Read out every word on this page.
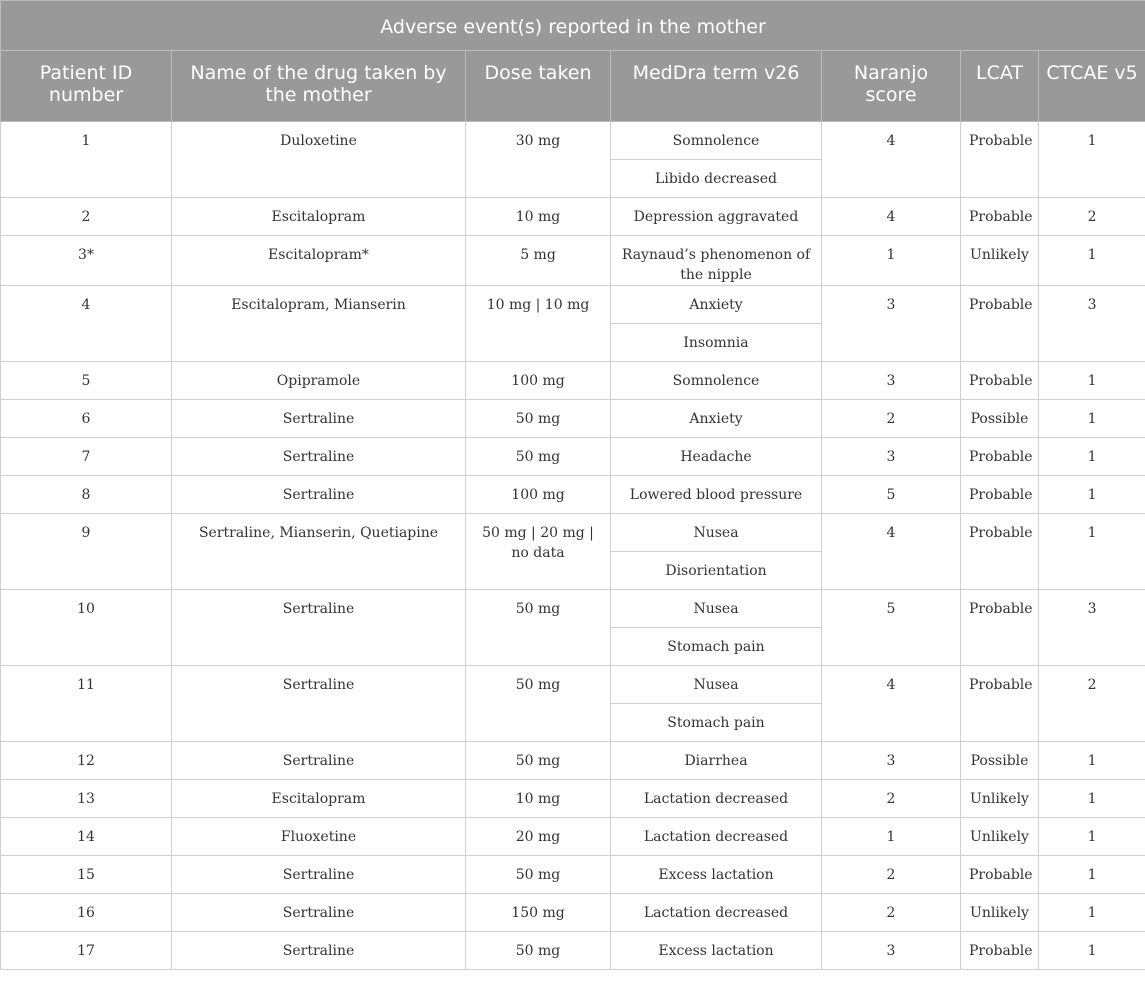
Adverse event(s) reported in the mother						
Patient ID number	Name of the drug taken by the mother	Dose taken	MedDra term v26	Naranjo score	LCAT	CTCAE v5
1	Duloxetine	30 mg	Somnolence	4	Probable	1
			Libido decreased			
2	Escitalopram	10 mg	Depression aggravated	4	Probable	2
3*	Escitalopram*	5 mg	Raynaud’s phenomenon of the nipple	1	Unlikely	1
4	Escitalopram, Mianserin	10 mg | 10 mg	Anxiety	3	Probable	3
			Insomnia			
5	Opipramole	100 mg	Somnolence	3	Probable	1
6	Sertraline	50 mg	Anxiety	2	Possible	1
7	Sertraline	50 mg	Headache	3	Probable	1
8	Sertraline	100 mg	Lowered blood pressure	5	Probable	1
9	Sertraline, Mianserin, Quetiapine	50 mg | 20 mg | no data	Nusea	4	Probable	1
			Disorientation			
10	Sertraline	50 mg	Nusea	5	Probable	3
			Stomach pain			
11	Sertraline	50 mg	Nusea	4	Probable	2
			Stomach pain			
12	Sertraline	50 mg	Diarrhea	3	Possible	1
13	Escitalopram	10 mg	Lactation decreased	2	Unlikely	1
14	Fluoxetine	20 mg	Lactation decreased	1	Unlikely	1
15	Sertraline	50 mg	Excess lactation	2	Probable	1
16	Sertraline	150 mg	Lactation decreased	2	Unlikely	1
17	Sertraline	50 mg	Excess lactation	3	Probable	1
